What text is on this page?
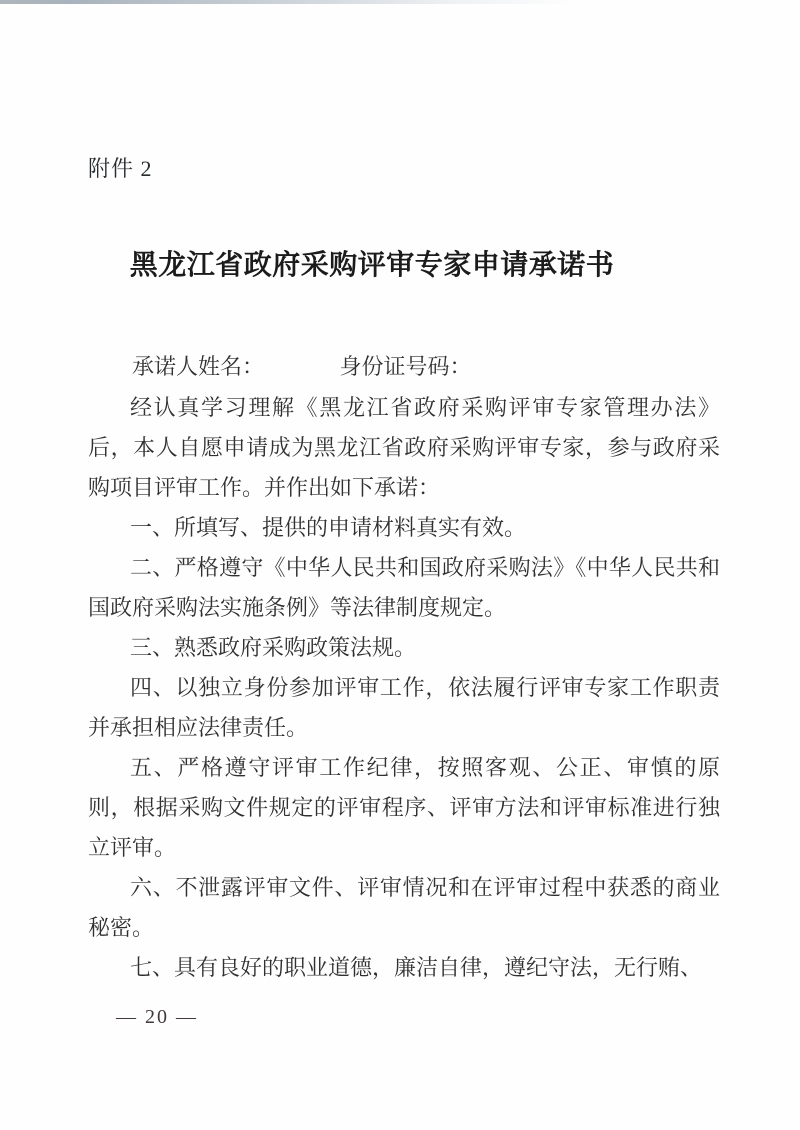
附件 2
黑龙江省政府采购评审专家申请承诺书
承诺人姓名：	身份证号码：

经认真学习理解《黑龙江省政府采购评审专家管理办法》后，本人自愿申请成为黑龙江省政府采购评审专家，参与政府采购项目评审工作。并作出如下承诺：

一、所填写、提供的申请材料真实有效。

二、严格遵守《中华人民共和国政府采购法》《中华人民共和国政府采购法实施条例》等法律制度规定。

三、熟悉政府采购政策法规。

四、以独立身份参加评审工作，依法履行评审专家工作职责并承担相应法律责任。

五、严格遵守评审工作纪律，按照客观、公正、审慎的原则，根据采购文件规定的评审程序、评审方法和评审标准进行独立评审。

六、不泄露评审文件、评审情况和在评审过程中获悉的商业秘密。

七、具有良好的职业道德，廉洁自律，遵纪守法，无行贿、

— 20 —
